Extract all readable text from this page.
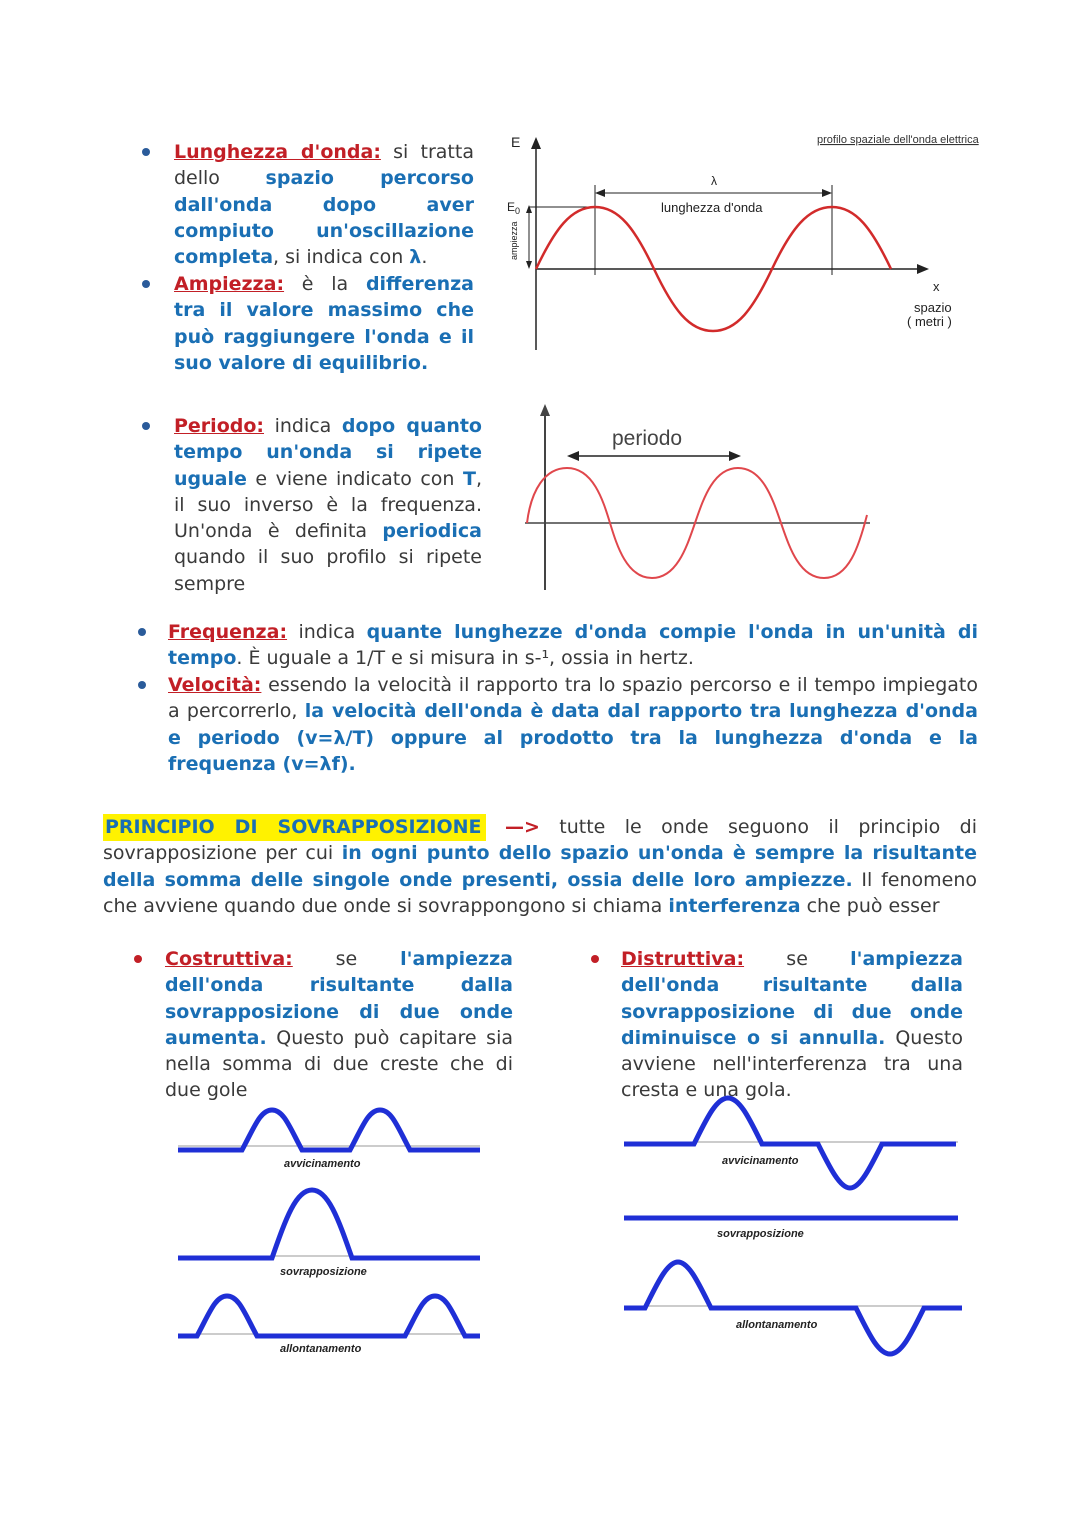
Lunghezza d'onda: si tratta dello spazio percorso dall'onda dopo aver compiuto un'oscillazione completa, si indica con λ.
Ampiezza: è la differenza tra il valore massimo che può raggiungere l'onda e il suo valore di equilibrio.
profilo spaziale dell'onda elettrica
E
x
spazio
( metri )
$E_0$
ampiezza
λ
lunghezza d'onda
Periodo: indica dopo quanto tempo un'onda si ripete uguale e viene indicato con T, il suo inverso è la frequenza. Un'onda è definita periodica quando il suo profilo si ripete sempre
periodo
Frequenza: indica quante lunghezze d'onda compie l'onda in un'unità di tempo. È uguale a 1/T e si misura in s-¹, ossia in hertz.
Velocità: essendo la velocità il rapporto tra lo spazio percorso e il tempo impiegato a percorrerlo, la velocità dell'onda è data dal rapporto tra lunghezza d'onda e periodo (v=λ/T) oppure al prodotto tra la lunghezza d'onda e la frequenza (v=λf).
PRINCIPIO DI SOVRAPPOSIZIONE —> tutte le onde seguono il principio di sovrapposizione per cui in ogni punto dello spazio un'onda è sempre la risultante della somma delle singole onde presenti, ossia delle loro ampiezze. Il fenomeno che avviene quando due onde si sovrappongono si chiama interferenza che può esser
Costruttiva: se l'ampiezza dell'onda risultante dalla sovrapposizione di due onde aumenta. Questo può capitare sia nella somma di due creste che di due gole
Distruttiva: se l'ampiezza dell'onda risultante dalla sovrapposizione di due onde diminuisce o si annulla. Questo avviene nell'interferenza tra una cresta e una gola.
avvicinamento
sovrapposizione
allontanamento
avvicinamento
sovrapposizione
allontanamento
